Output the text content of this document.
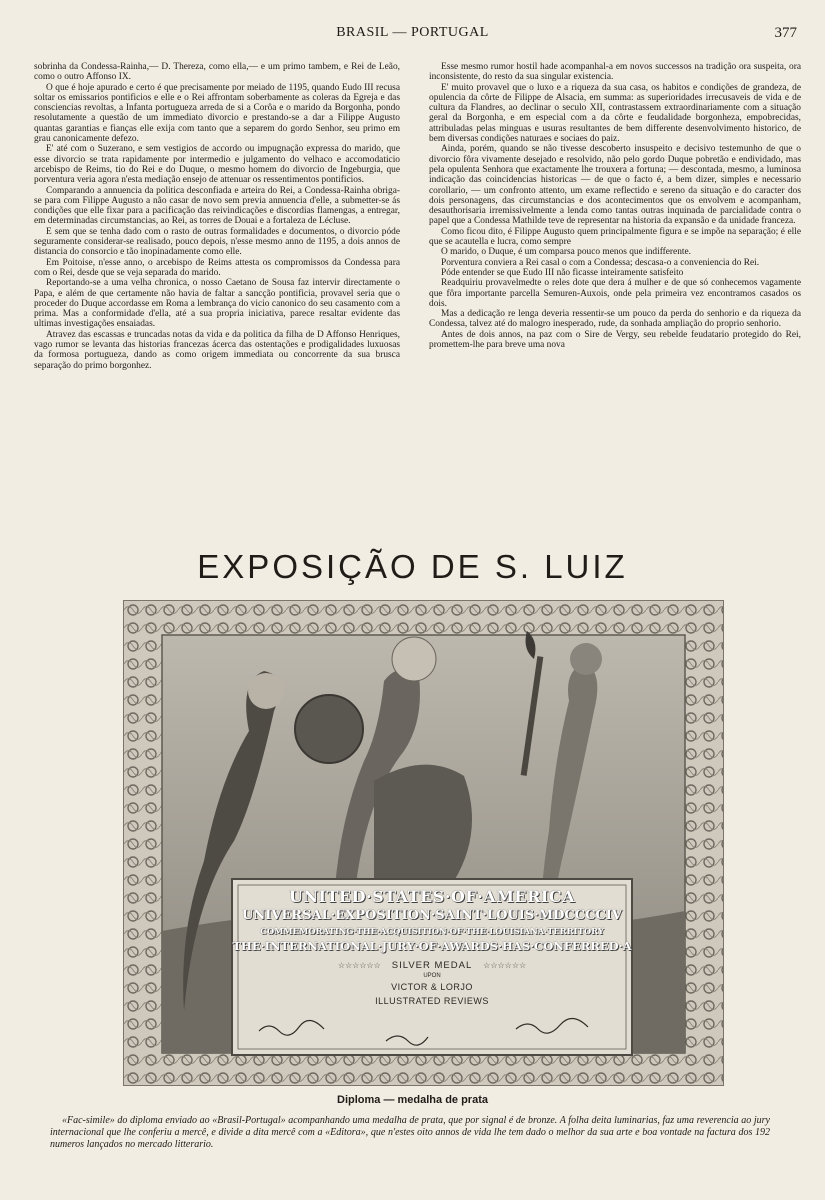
BRASIL — PORTUGAL	377

sobrinha da Condessa-Rainha,— D. Thereza, como ella,— e um primo tambem, e Rei de Leão, como o outro Affonso IX.

O que é hoje apurado e certo é que precisamente por meiado de 1195, quando Eudo III recusa soltar os emissarios pontificios e elle e o Rei affrontam soberbamente as coleras da Egreja e das consciencias revoltas, a Infanta portugueza arreda de si a Corôa e o marido da Borgonha, pondo resolutamente a questão de um immediato divorcio e prestando-se a dar a Filippe Augusto quantas garantias e fianças elle exija com tanto que a separem do gordo Senhor, seu primo em grau canonicamente defezo.

E' até com o Suzerano, e sem vestigios de accordo ou impugnação expressa do marido, que esse divorcio se trata rapidamente por intermedio e julgamento do velhaco e accomodaticio arcebispo de Reims, tio do Rei e do Duque, o mesmo homem do divorcio de Ingeburgia, que porventura veria agora n'esta mediação ensejo de attenuar os ressentimentos pontificios.

Comparando a annuencia da politica desconfiada e arteira do Rei, a Condessa-Rainha obriga-se para com Filippe Augusto a não casar de novo sem previa annuencia d'elle, a submetter-se ás condições que elle fixar para a pacificação das reivindicações e discordias flamengas, a entregar, em determinadas circumstancias, ao Rei, as torres de Douai e a fortaleza de Lécluse.

E sem que se tenha dado com o rasto de outras formalidades e documentos, o divorcio póde seguramente considerar-se realisado, pouco depois, n'esse mesmo anno de 1195, a dois annos de distancia do consorcio e tão inopinadamente como elle.

Em Poitoise, n'esse anno, o arcebispo de Reims attesta os compromissos da Condessa para com o Rei, desde que se veja separada do marido.

Reportando-se a uma velha chronica, o nosso Caetano de Sousa faz intervir directamente o Papa, e além de que certamente não havia de faltar a sancção pontificia, provavel seria que o proceder do Duque accordasse em Roma a lembrança do vicio canonico do seu casamento com a prima. Mas a conformidade d'ella, até a sua propria iniciativa, parece resaltar evidente das ultimas investigações ensaiadas.

Atravez das escassas e truncadas notas da vida e da politica da filha de D Affonso Henriques, vago rumor se levanta das historias francezas ácerca das ostentações e prodigalidades luxuosas da formosa portugueza, dando as como origem immediata ou concorrente da sua brusca separação do primo borgonhez.

Esse mesmo rumor hostil hade acompanhal-a em novos successos na tradição ora suspeita, ora inconsistente, do resto da sua singular existencia.

E' muito provavel que o luxo e a riqueza da sua casa, os habitos e condições de grandeza, de opulencia da côrte de Filippe de Alsacia, em summa: as superioridades irrecusaveis de vida e de cultura da Flandres, ao declinar o seculo XII, contrastassem extraordinariamente com a situação geral da Borgonha, e em especial com a da côrte e feudalidade borgonheza, empobrecidas, attribuladas pelas minguas e usuras resultantes de bem differente desenvolvimento historico, de bem diversas condições naturaes e sociaes do paiz.

Ainda, porém, quando se não tivesse descoberto insuspeito e decisivo testemunho de que o divorcio fôra vivamente desejado e resolvido, não pelo gordo Duque pobretão e endividado, mas pela opulenta Senhora que exactamente lhe trouxera a fortuna; — descontada, mesmo, a luminosa indicação das coincidencias historicas — de que o facto é, a bem dizer, simples e necessario corollario, — um confronto attento, um exame reflectido e sereno da situação e do caracter dos dois personagens, das circumstancias e dos acontecimentos que os envolvem e acompanham, desauthorisaria irremissivelmente a lenda como tantas outras inquinada de parcialidade contra o papel que a Condessa Mathilde teve de representar na historia da expansão e da unidade franceza.

Como ficou dito, é Filippe Augusto quem principalmente figura e se impõe na separação; é elle que se acautella e lucra, como sempre

O marido, o Duque, é um comparsa pouco menos que indifferente.

Porventura conviera a Rei casal o com a Condessa; descasa-o a conveniencia do Rei.

Póde entender se que Eudo III não ficasse inteiramente satisfeito

Readquiriu provavelmedte o reles dote que dera á mulher e de que só conhecemos vagamente que fôra importante parcella Semuren-Auxois, onde pela primeira vez encontramos casados os dois.

Mas a dedicação re lenga deveria ressentir-se um pouco da perda do senhorio e da riqueza da Condessa, talvez até do malogro inesperado, rude, da sonhada ampliação do proprio senhorio.

Antes de dois annos, na paz com o Sire de Vergy, seu rebelde feudatario protegido do Rei, promettem-lhe para breve uma nova

EXPOSIÇÃO DE S. LUIZ
UNITED·STATES·OF·AMERICA
UNIVERSAL·EXPOSITION·SAINT·LOUIS·MDCCCCIV
COMMEMORATING·THE·ACQUISITION·OF·THE·LOUISIANA·TERRITORY
THE·INTERNATIONAL·JURY·OF·AWARDS·HAS·CONFERRED·A
☆☆☆☆☆☆ SILVER MEDAL ☆☆☆☆☆☆
UPON
VICTOR & LORJO
ILLUSTRATED REVIEWS
Diploma — medalha de prata
«Fac-simile» do diploma enviado ao «Brasil-Portugal» acompanhando uma medalha de prata, que por signal é de bronze. A folha deita luminarias, faz uma reverencia ao jury internacional que lhe conferiu a mercê, e divide a dita mercê com a «Editora», que n'estes oito annos de vida lhe tem dado o melhor da sua arte e boa vontade na factura dos 192 numeros lançados no mercado litterario.
